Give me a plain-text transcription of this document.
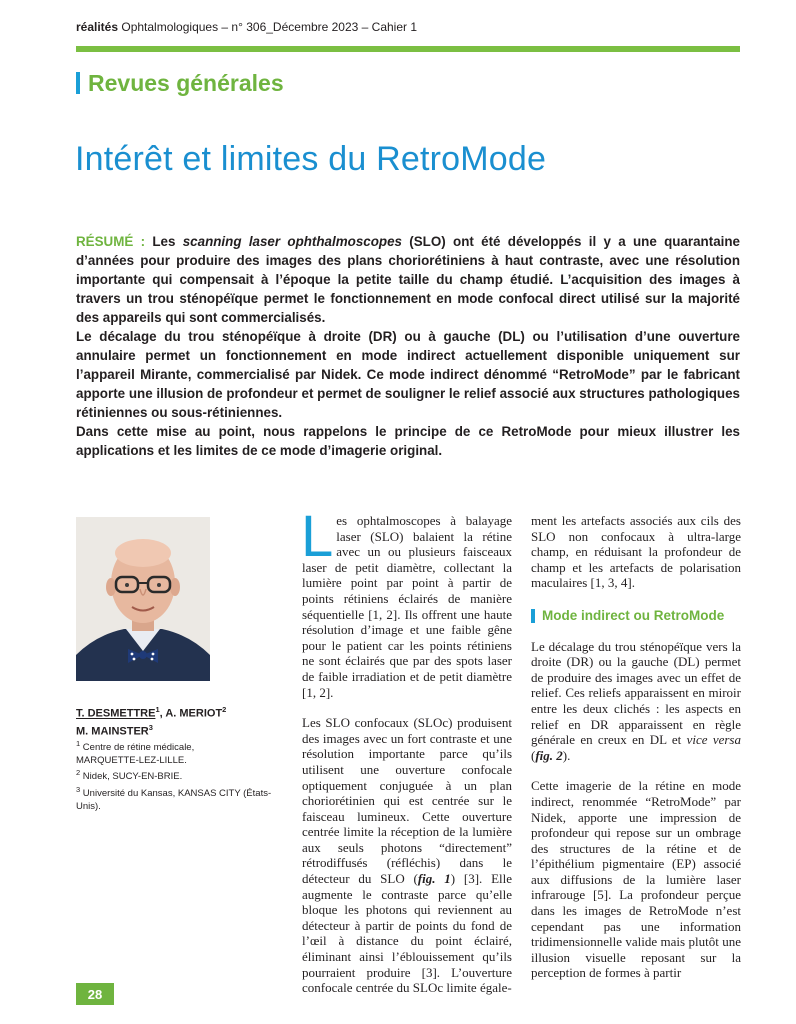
réalités Ophtalmologiques – n° 306_Décembre 2023 – Cahier 1
Revues générales
Intérêt et limites du RetroMode

RÉSUMÉ : Les scanning laser ophthalmoscopes (SLO) ont été développés il y a une quarantaine d’années pour produire des images des plans choriorétiniens à haut contraste, avec une résolution importante qui compensait à l’époque la petite taille du champ étudié. L’acquisition des images à travers un trou sténopéïque permet le fonctionnement en mode confocal direct utilisé sur la majorité des appareils qui sont commercialisés.

Le décalage du trou sténopéïque à droite (DR) ou à gauche (DL) ou l’utilisation d’une ouverture annulaire permet un fonctionnement en mode indirect actuellement disponible uniquement sur l’appareil Mirante, commercialisé par Nidek. Ce mode indirect dénommé “RetroMode” par le fabricant apporte une illusion de profondeur et permet de souligner le relief associé aux structures pathologiques rétiniennes ou sous-rétiniennes.

Dans cette mise au point, nous rappelons le principe de ce RetroMode pour mieux illustrer les applications et les limites de ce mode d’imagerie original.

T. DESMETTRE$^1$, A. MERIOT$^2$
M. MAINSTER$^3$
$^1$ Centre de rétine médicale,
MARQUETTE-LEZ-LILLE.
$^2$ Nidek, SUCY-EN-BRIE.
$^3$ Université du Kansas, KANSAS CITY (États-Unis).

Les ophtalmoscopes à balayage laser (SLO) balaient la rétine avec un ou plusieurs faisceaux laser de petit diamètre, collectant la lumière point par point à partir de points rétiniens éclairés de manière séquentielle [1, 2]. Ils offrent une haute résolution d’image et une faible gêne pour le patient car les points rétiniens ne sont éclairés que par des spots laser de faible irradiation et de petit diamètre [1, 2].

Les SLO confocaux (SLOc) produisent des images avec un fort contraste et une résolution importante parce qu’ils utilisent une ouverture confocale optiquement conjuguée à un plan choriorétinien qui est centrée sur le faisceau lumineux. Cette ouverture centrée limite la réception de la lumière aux seuls photons “directement” rétrodiffusés (réfléchis) dans le détecteur du SLO (fig. 1) [3]. Elle augmente le contraste parce qu’elle bloque les photons qui reviennent au détecteur à partir de points du fond de l’œil à distance du point éclairé, éliminant ainsi l’éblouissement qu’ils pourraient produire [3]. L’ouverture confocale centrée du SLOc limite égale-

ment les artefacts associés aux cils des SLO non confocaux à ultra-large champ, en réduisant la profondeur de champ et les artefacts de polarisation maculaires [1, 3, 4].

Mode indirect ou RetroMode

Le décalage du trou sténopéïque vers la droite (DR) ou la gauche (DL) permet de produire des images avec un effet de relief. Ces reliefs apparaissent en miroir entre les deux clichés : les aspects en relief en DR apparaissent en règle générale en creux en DL et vice versa (fig. 2).

Cette imagerie de la rétine en mode indirect, renommée “RetroMode” par Nidek, apporte une impression de profondeur qui repose sur un ombrage des structures de la rétine et de l’épithélium pigmentaire (EP) associé aux diffusions de la lumière laser infrarouge [5]. La profondeur perçue dans les images de RetroMode n’est cependant pas une information tridimensionnelle valide mais plutôt une illusion visuelle reposant sur la perception de formes à partir

28
